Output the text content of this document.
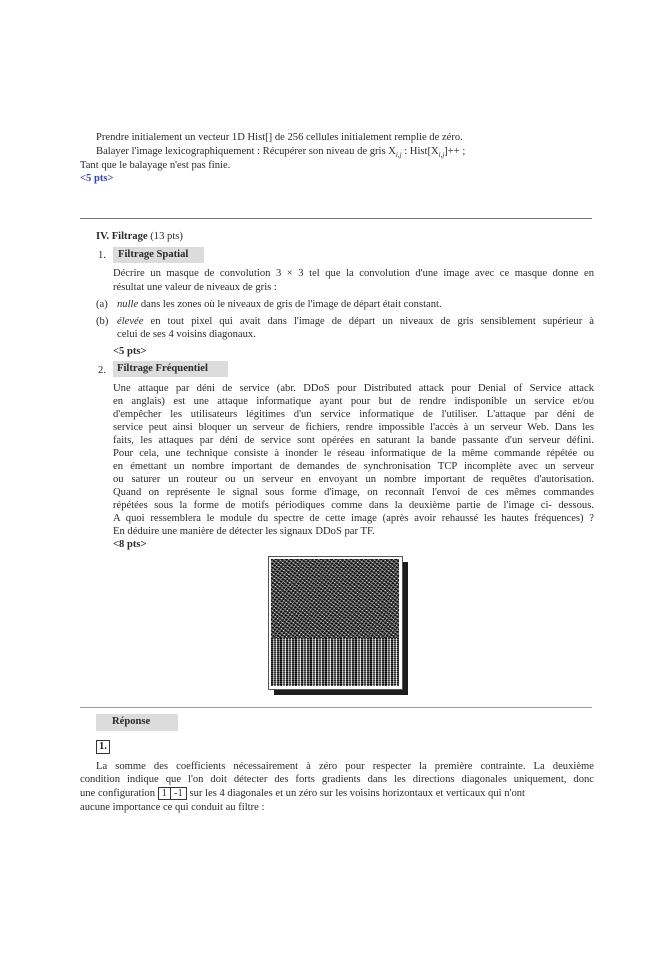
Prendre initialement un vecteur 1D Hist[] de 256 cellules initialement remplie de zéro.
Balayer l'image lexicographiquement : Récupérer son niveau de gris $X_{i,j}$ : $Hist[X_{i,j}]++$ ;
Tant que le balayage n'est pas finie.
<5 pts>
IV. Filtrage (13 pts)
1. Filtrage Spatial
Décrire un masque de convolution 3 × 3 tel que la convolution d'une image avec ce masque donne en
résultat une valeur de niveaux de gris :
(a) nulle dans les zones où le niveaux de gris de l'image de départ était constant.
(b) élevée en tout pixel qui avait dans l'image de départ un niveaux de gris sensiblement supérieur à
celui de ses 4 voisins diagonaux.
<5 pts>
2. Filtrage Fréquentiel
Une attaque par déni de service (abr. DDoS pour Distributed attack pour Denial of Service attack
en anglais) est une attaque informatique ayant pour but de rendre indisponible un service et/ou
d'empêcher les utilisateurs légitimes d'un service informatique de l'utiliser. L'attaque par déni de
service peut ainsi bloquer un serveur de fichiers, rendre impossible l'accès à un serveur Web. Dans les
faits, les attaques par déni de service sont opérées en saturant la bande passante d'un serveur défini.
Pour cela, une technique consiste à inonder le réseau informatique de la même commande répétée ou
en émettant un nombre important de demandes de synchronisation TCP incomplète avec un serveur
ou saturer un routeur ou un serveur en envoyant un nombre important de requêtes d'autorisation.
Quand on représente le signal sous forme d'image, on reconnaît l'envoi de ces mêmes commandes
répétées sous la forme de motifs périodiques comme dans la deuxième partie de l'image ci- dessous.
A quoi ressemblera le module du spectre de cette image (après avoir rehaussé les hautes fréquences) ?
En déduire une manière de détecter les signaux DDoS par TF.
<8 pts>
Réponse
1.
La somme des coefficients nécessairement à zéro pour respecter la première contrainte. La deuxième
condition indique que l'on doit détecter des forts gradients dans les directions diagonales uniquement, donc
une configuration 1 -1 sur les 4 diagonales et un zéro sur les voisins horizontaux et verticaux qui n'ont
aucune importance ce qui conduit au filtre :
